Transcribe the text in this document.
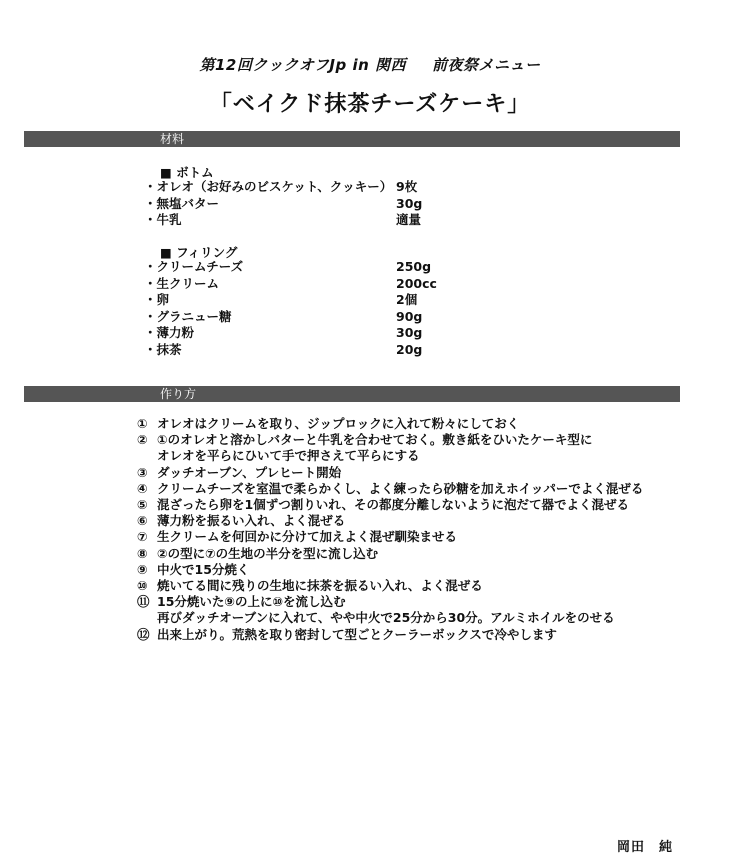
第12回クックオフJp in 関西 前夜祭メニュー
「ベイクド抹茶チーズケーキ」
材料
■ ボトム
・オレオ（お好みのビスケット、クッキー） 9枚
・無塩バター	30g
・牛乳	適量
■ フィリング
・クリームチーズ	250g
・生クリーム	200cc
・卵	2個
・グラニュー糖	90g
・薄力粉	30g
・抹茶	20g
作り方
① オレオはクリームを取り、ジップロックに入れて粉々にしておく
② ①のオレオと溶かしバターと牛乳を合わせておく。敷き紙をひいたケーキ型に
オレオを平らにひいて手で押さえて平らにする
③ ダッチオーブン、プレヒート開始
④ クリームチーズを室温で柔らかくし、よく練ったら砂糖を加えホイッパーでよく混ぜる
⑤ 混ざったら卵を1個ずつ割りいれ、その都度分離しないように泡だて器でよく混ぜる
⑥ 薄力粉を振るい入れ、よく混ぜる
⑦ 生クリームを何回かに分けて加えよく混ぜ馴染ませる
⑧ ②の型に⑦の生地の半分を型に流し込む
⑨ 中火で15分焼く
⑩ 焼いてる間に残りの生地に抹茶を振るい入れ、よく混ぜる
⑪ 15分焼いた⑨の上に⑩を流し込む
再びダッチオーブンに入れて、やや中火で25分から30分。アルミホイルをのせる
⑫ 出来上がり。荒熱を取り密封して型ごとクーラーボックスで冷やします
岡田　純
